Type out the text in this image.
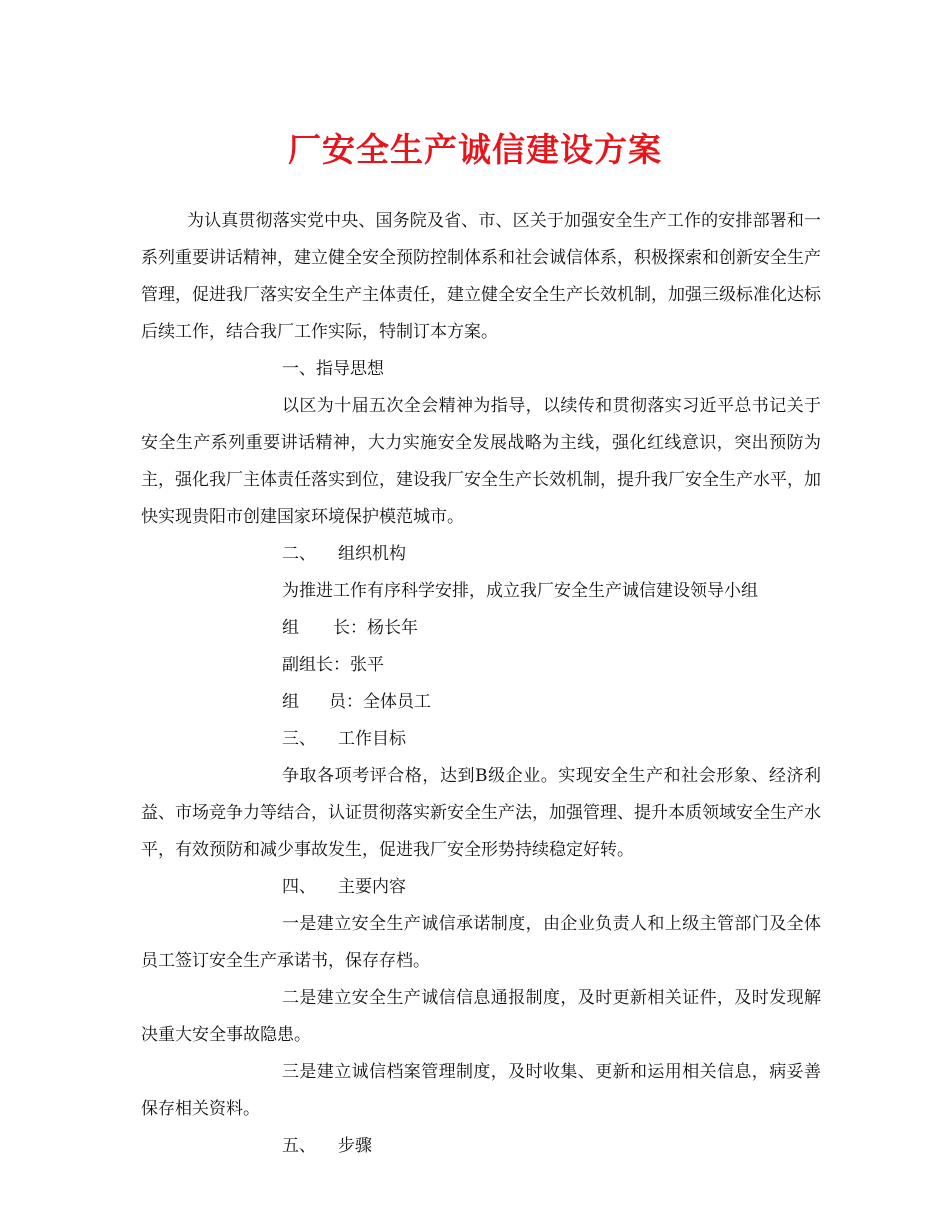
厂安全生产诚信建设方案

为认真贯彻落实党中央、国务院及省、市、区关于加强安全生产工作的安排部署和一系列重要讲话精神，建立健全安全预防控制体系和社会诚信体系，积极探索和创新安全生产管理，促进我厂落实安全生产主体责任，建立健全安全生产长效机制，加强三级标准化达标后续工作，结合我厂工作实际，特制订本方案。

一、指导思想

以区为十届五次全会精神为指导，以续传和贯彻落实习近平总书记关于安全生产系列重要讲话精神，大力实施安全发展战略为主线，强化红线意识，突出预防为主，强化我厂主体责任落实到位，建设我厂安全生产长效机制，提升我厂安全生产水平，加快实现贵阳市创建国家环境保护模范城市。

二、 组织机构

为推进工作有序科学安排，成立我厂安全生产诚信建设领导小组

组 长：杨长年

副组长：张平

组 员：全体员工

三、 工作目标

争取各项考评合格，达到B级企业。实现安全生产和社会形象、经济利益、市场竞争力等结合，认证贯彻落实新安全生产法，加强管理、提升本质领域安全生产水平，有效预防和减少事故发生，促进我厂安全形势持续稳定好转。

四、 主要内容

一是建立安全生产诚信承诺制度，由企业负责人和上级主管部门及全体员工签订安全生产承诺书，保存存档。

二是建立安全生产诚信信息通报制度，及时更新相关证件，及时发现解决重大安全事故隐患。

三是建立诚信档案管理制度，及时收集、更新和运用相关信息，病妥善保存相关资料。

五、 步骤
